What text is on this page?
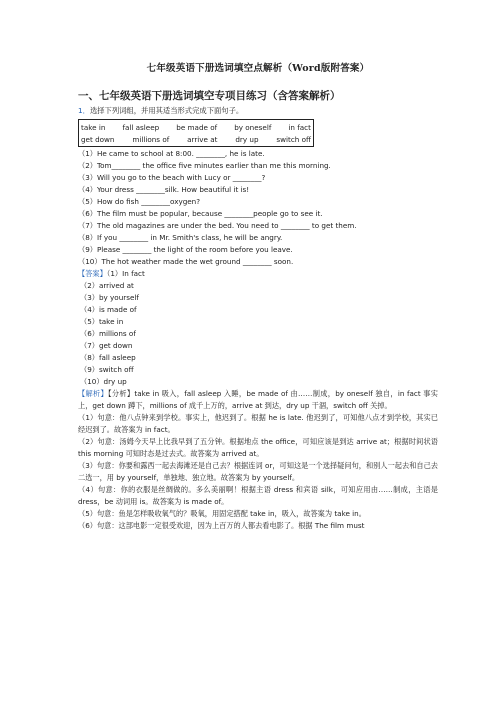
七年级英语下册选词填空点解析（Word版附答案）
一、七年级英语下册选词填空专项目练习（含答案解析）
1．选择下列词组，并用其适当形式完成下面句子。
take in fall asleep be made of by oneself in fact
get down millions of arrive at dry up switch off
（1）He came to school at 8:00. ________, he is late.
（2）Tom________ the office five minutes earlier than me this morning.
（3）Will you go to the beach with Lucy or ________?
（4）Your dress ________silk. How beautiful it is!
（5）How do fish ________oxygen?
（6）The film must be popular, because ________people go to see it.
（7）The old magazines are under the bed. You need to ________ to get them.
（8）If you ________ in Mr. Smith's class, he will be angry.
（9）Please ________ the light of the room before you leave.
（10）The hot weather made the wet ground ________ soon.
【答案】（1）In fact
（2）arrived at
（3）by yourself
（4）is made of
（5）take in
（6）millions of
（7）get down
（8）fall asleep
（9）switch off
（10）dry up
【解析】【分析】take in 吸入，fall asleep 入睡，be made of 由……制成，by oneself 独自，in fact 事实上，get down 蹲下，millions of 成千上万的，arrive at 到达，dry up 干涸，switch off 关掉。
（1）句意：他八点钟来到学校。事实上，他迟到了。根据 he is late. 他迟到了，可知他八点才到学校，其实已经迟到了。故答案为 in fact。
（2）句意：汤姆今天早上比我早到了五分钟。根据地点 the office，可知应该是到达 arrive at；根据时间状语 this morning 可知时态是过去式。故答案为 arrived at。
（3）句意：你要和露西一起去海滩还是自己去？根据连词 or，可知这是一个选择疑问句，和别人一起去和自己去二选一，用 by yourself，单独地、独立地。故答案为 by yourself。
（4）句意：你的衣服是丝绸做的。多么美丽啊！根据主语 dress 和宾语 silk，可知应用由……制成，主语是 dress，be 动词用 is。故答案为 is made of。
（5）句意：鱼是怎样吸收氧气的？吸氧，用固定搭配 take in，吸入，故答案为 take in。
（6）句意：这部电影一定很受欢迎，因为上百万的人都去看电影了。根据 The film must
